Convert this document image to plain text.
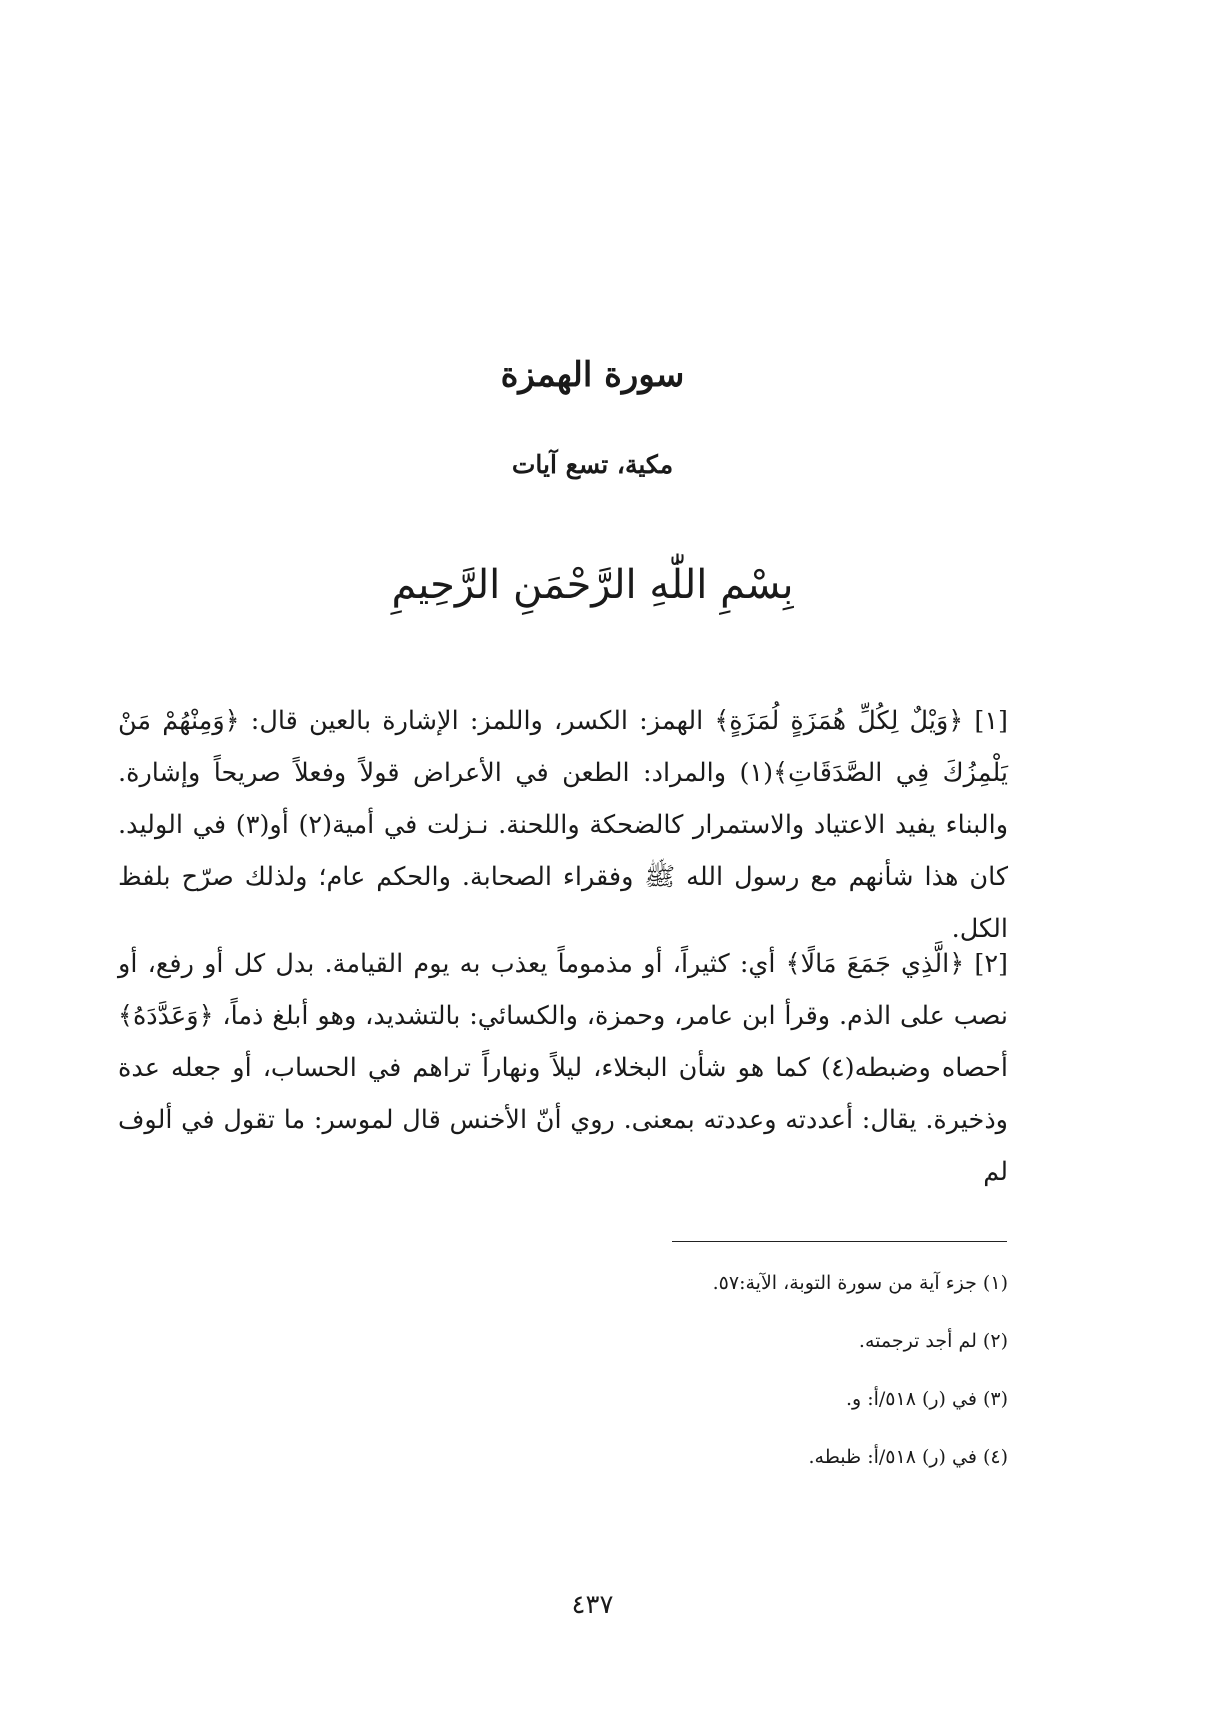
سورة الهمزة
مكية، تسع آيات
بِسْمِ اللّٰهِ الرَّحْمَنِ الرَّحِيمِ

[١] ﴿وَيْلٌ لِكُلِّ هُمَزَةٍ لُمَزَةٍ﴾ الهمز: الكسر، واللمز: الإشارة بالعين قال: ﴿وَمِنْهُمْ مَنْ يَلْمِزُكَ فِي الصَّدَقَاتِ﴾(١) والمراد: الطعن في الأعراض قولاً وفعلاً صريحاً وإشارة. والبناء يفيد الاعتياد والاستمرار كالضحكة واللحنة. نـزلت في أمية(٢) أو(٣) في الوليد. كان هذا شأنهم مع رسول الله ﷺ وفقراء الصحابة. والحكم عام؛ ولذلك صرّح بلفظ الكل.

[٢] ﴿الَّذِي جَمَعَ مَالًا﴾ أي: كثيراً، أو مذموماً يعذب به يوم القيامة. بدل كل أو رفع، أو نصب على الذم. وقرأ ابن عامر، وحمزة، والكسائي: بالتشديد، وهو أبلغ ذماً، ﴿وَعَدَّدَهُ﴾ أحصاه وضبطه(٤) كما هو شأن البخلاء، ليلاً ونهاراً تراهم في الحساب، أو جعله عدة وذخيرة. يقال: أعددته وعددته بمعنى. روي أنّ الأخنس قال لموسر: ما تقول في ألوف لم

(١) جزء آية من سورة التوبة، الآية:٥٧.
(٢) لم أجد ترجمته.
(٣) في (ر) ٥١٨/أ: و.
(٤) في (ر) ٥١٨/أ: ظبطه.
٤٣٧
